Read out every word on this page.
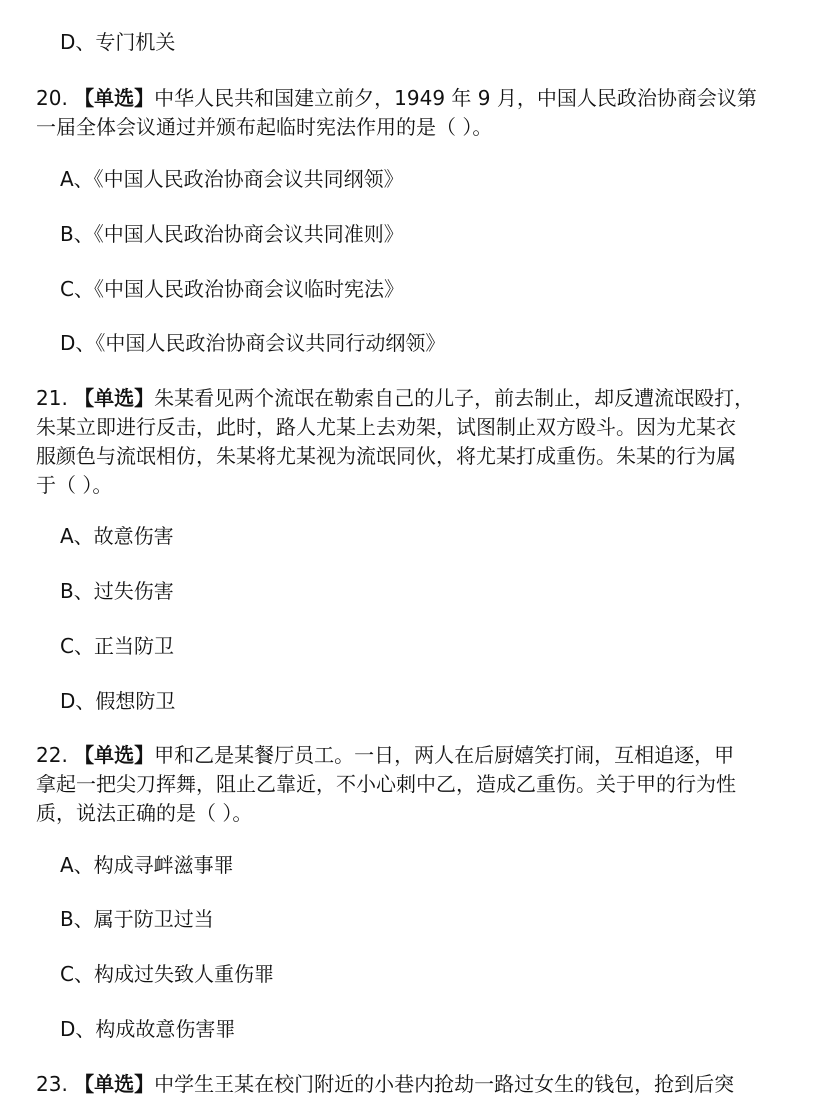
D、专门机关
20. 【单选】中华人民共和国建立前夕，1949 年 9 月，中国人民政治协商会议第
一届全体会议通过并颁布起临时宪法作用的是（ ）。
A、《中国人民政治协商会议共同纲领》
B、《中国人民政治协商会议共同准则》
C、《中国人民政治协商会议临时宪法》
D、《中国人民政治协商会议共同行动纲领》
21. 【单选】朱某看见两个流氓在勒索自己的儿子，前去制止，却反遭流氓殴打，
朱某立即进行反击，此时，路人尤某上去劝架，试图制止双方殴斗。因为尤某衣
服颜色与流氓相仿，朱某将尤某视为流氓同伙，将尤某打成重伤。朱某的行为属
于（ ）。
A、故意伤害
B、过失伤害
C、正当防卫
D、假想防卫
22. 【单选】甲和乙是某餐厅员工。一日，两人在后厨嬉笑打闹，互相追逐，甲
拿起一把尖刀挥舞，阻止乙靠近，不小心刺中乙，造成乙重伤。关于甲的行为性
质，说法正确的是（ ）。
A、构成寻衅滋事罪
B、属于防卫过当
C、构成过失致人重伤罪
D、构成故意伤害罪
23. 【单选】中学生王某在校门附近的小巷内抢劫一路过女生的钱包，抢到后突
